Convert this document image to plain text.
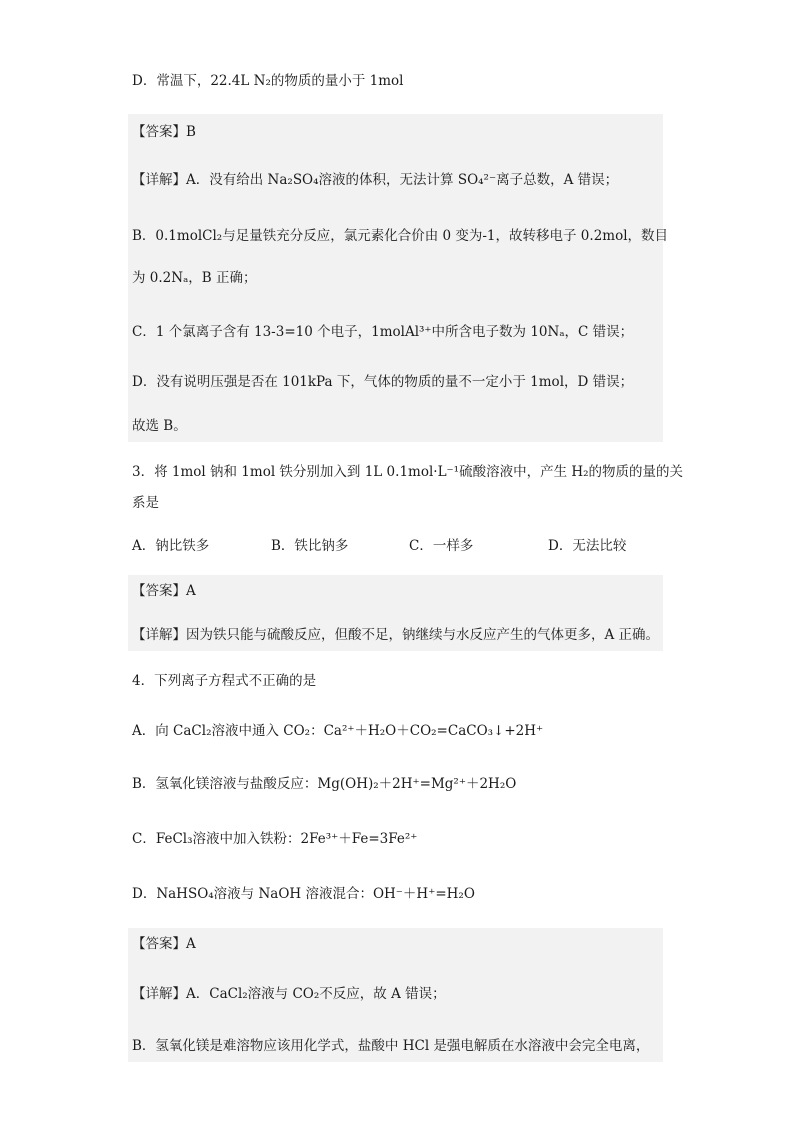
D．常温下，22.4L N₂的物质的量小于 1mol
【答案】B
【详解】A．没有给出 Na₂SO₄溶液的体积，无法计算 SO₄²⁻离子总数，A 错误；
B．0.1molCl₂与足量铁充分反应，氯元素化合价由 0 变为-1，故转移电子 0.2mol，数目
为 0.2Nₐ，B 正确；
C．1 个氯离子含有 13-3=10 个电子，1molAl³⁺中所含电子数为 10Nₐ，C 错误；
D．没有说明压强是否在 101kPa 下，气体的物质的量不一定小于 1mol，D 错误；
故选 B。
3．将 1mol 钠和 1mol 铁分别加入到 1L 0.1mol·L⁻¹硫酸溶液中，产生 H₂的物质的量的关
系是
A．钠比铁多	B．铁比钠多	C．一样多	D．无法比较
【答案】A
【详解】因为铁只能与硫酸反应，但酸不足，钠继续与水反应产生的气体更多，A 正确。
4．下列离子方程式不正确的是
A．向 CaCl₂溶液中通入 CO₂：Ca²⁺＋H₂O＋CO₂=CaCO₃↓+2H⁺
B．氢氧化镁溶液与盐酸反应：Mg(OH)₂＋2H⁺=Mg²⁺＋2H₂O
C．FeCl₃溶液中加入铁粉：2Fe³⁺＋Fe=3Fe²⁺
D．NaHSO₄溶液与 NaOH 溶液混合：OH⁻＋H⁺=H₂O
【答案】A
【详解】A．CaCl₂溶液与 CO₂不反应，故 A 错误；
B．氢氧化镁是难溶物应该用化学式，盐酸中 HCl 是强电解质在水溶液中会完全电离，
